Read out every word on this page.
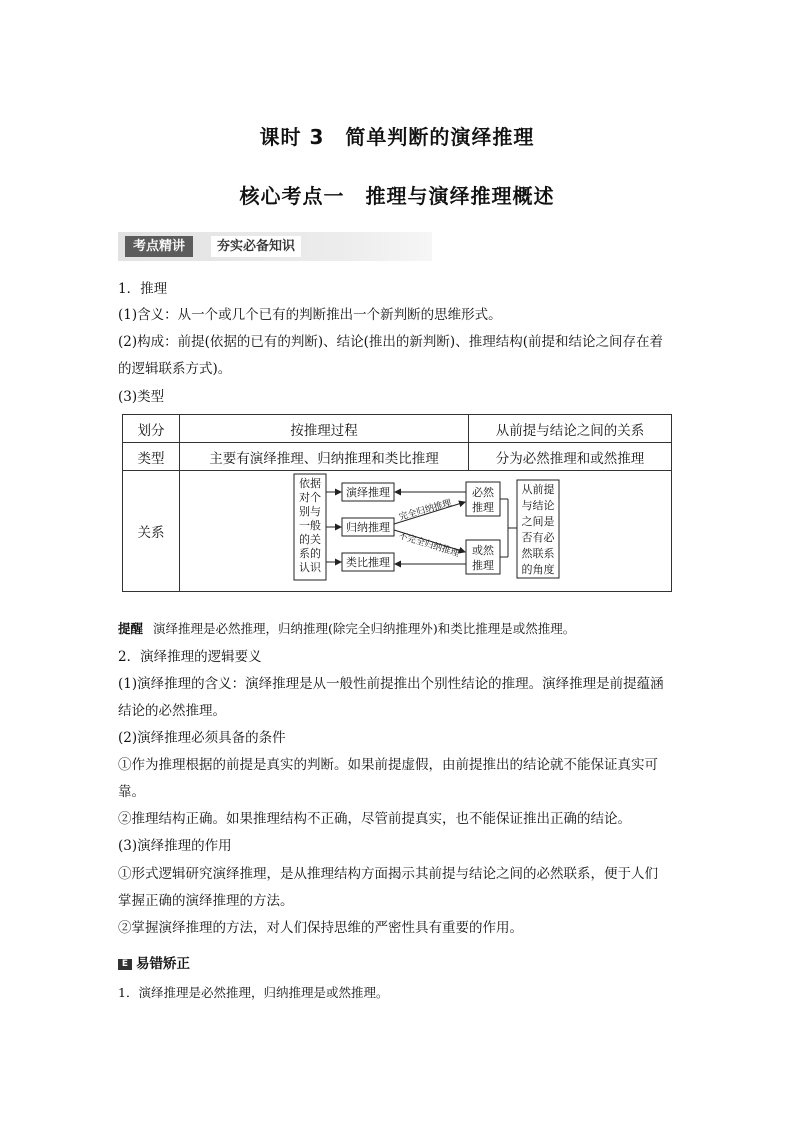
课时 3　简单判断的演绎推理
核心考点一　推理与演绎推理概述
考点精讲	夯实必备知识
1．推理
(1)含义：从一个或几个已有的判断推出一个新判断的思维形式。
(2)构成：前提(依据的已有的判断)、结论(推出的新判断)、推理结构(前提和结论之间存在着
的逻辑联系方式)。
(3)类型
划分	按推理过程	从前提与结论之间的关系
类型	主要有演绎推理、归纳推理和类比推理	分为必然推理和或然推理
关系		
依据
对个
别与
一般
的关
系的
认识
演绎推理
归纳推理
类比推理
必然
推理
或然
推理
完全归纳推理
不完全归纳推理
从前提
与结论
之间是
否有必
然联系
的角度
提醒 演绎推理是必然推理，归纳推理(除完全归纳推理外)和类比推理是或然推理。
2．演绎推理的逻辑要义
(1)演绎推理的含义：演绎推理是从一般性前提推出个别性结论的推理。演绎推理是前提蕴涵
结论的必然推理。
(2)演绎推理必须具备的条件
①作为推理根据的前提是真实的判断。如果前提虚假，由前提推出的结论就不能保证真实可
靠。
②推理结构正确。如果推理结构不正确，尽管前提真实，也不能保证推出正确的结论。
(3)演绎推理的作用
①形式逻辑研究演绎推理，是从推理结构方面揭示其前提与结论之间的必然联系，便于人们
掌握正确的演绎推理的方法。
②掌握演绎推理的方法，对人们保持思维的严密性具有重要的作用。
E 易错矫正
1．演绎推理是必然推理，归纳推理是或然推理。
